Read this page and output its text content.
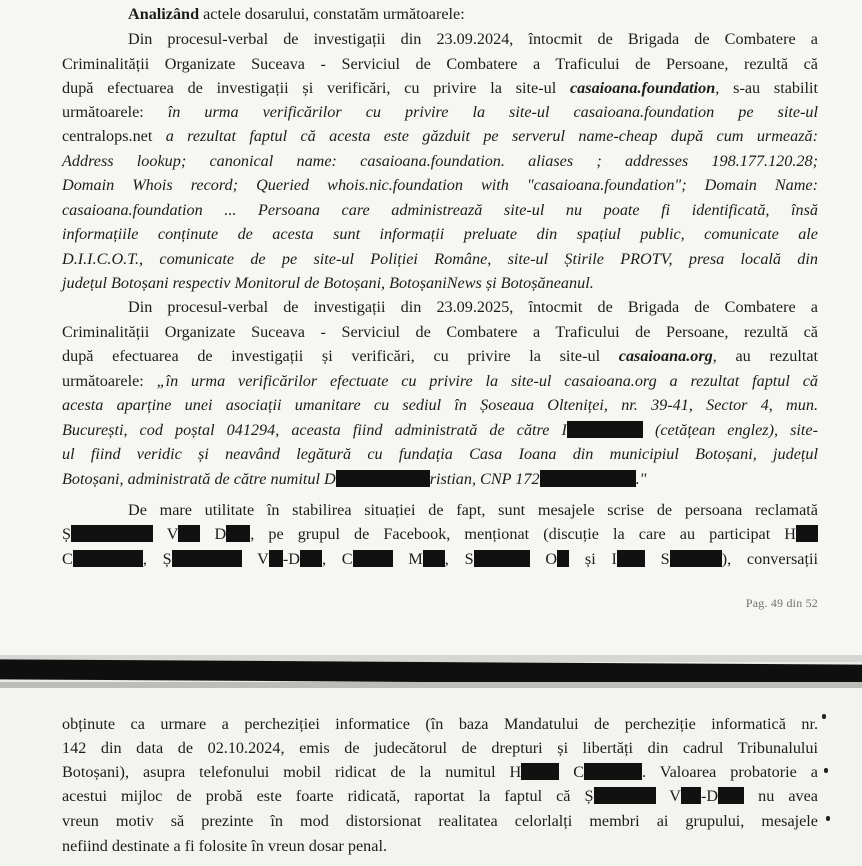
Analizând actele dosarului, constatăm următoarele:
Din procesul-verbal de investigații din 23.09.2024, întocmit de Brigada de Combatere a
Criminalității Organizate Suceava - Serviciul de Combatere a Traficului de Persoane, rezultă că
după efectuarea de investigații și verificări, cu privire la site-ul casaioana.foundation, s-au stabilit
următoarele: în urma verificărilor cu privire la site-ul casaioana.foundation pe site-ul
centralops.net a rezultat faptul că acesta este găzduit pe serverul name-cheap după cum urmează:
Address lookup; canonical name: casaioana.foundation. aliases ; addresses 198.177.120.28;
Domain Whois record; Queried whois.nic.foundation with "casaioana.foundation"; Domain Name:
casaioana.foundation ... Persoana care administrează site-ul nu poate fi identificată, însă
informațiile conținute de acesta sunt informații preluate din spațiul public, comunicate ale
D.I.I.C.O.T., comunicate de pe site-ul Poliției Române, site-ul Știrile PROTV, presa locală din
județul Botoșani respectiv Monitorul de Botoșani, BotoșaniNews și Botoșăneanul.
Din procesul-verbal de investigații din 23.09.2025, întocmit de Brigada de Combatere a
Criminalității Organizate Suceava - Serviciul de Combatere a Traficului de Persoane, rezultă că
după efectuarea de investigații și verificări, cu privire la site-ul casaioana.org, au rezultat
următoarele: „în urma verificărilor efectuate cu privire la site-ul casaioana.org a rezultat faptul că
acesta aparține unei asociații umanitare cu sediul în Șoseaua Olteniței, nr. 39-41, Sector 4, mun.
București, cod poștal 041294, aceasta fiind administrată de către I	(cetățean englez), site-
ul fiind veridic și neavând legătură cu fundația Casa Ioana din municipiul Botoșani, județul
Botoșani, administrată de către numitul D	ristian, CNP 172	."
De mare utilitate în stabilirea situației de fapt, sunt mesajele scrise de persoana reclamată
Ș	V D , pe grupul de Facebook, menționat (discuție la care au participat H
C	, Ș	V -D , C M , S	O și I S	), conversații
Pag. 49 din 52
obținute ca urmare a percheziției informatice (în baza Mandatului de percheziție informatică nr.
142 din data de 02.10.2024, emis de judecătorul de drepturi și libertăți din cadrul Tribunalului
Botoșani), asupra telefonului mobil ridicat de la numitul H C	. Valoarea probatorie a
acestui mijloc de probă este foarte ridicată, raportat la faptul că Ș	V -D nu avea
vreun motiv să prezinte în mod distorsionat realitatea celorlalți membri ai grupului, mesajele
nefiind destinate a fi folosite în vreun dosar penal.
